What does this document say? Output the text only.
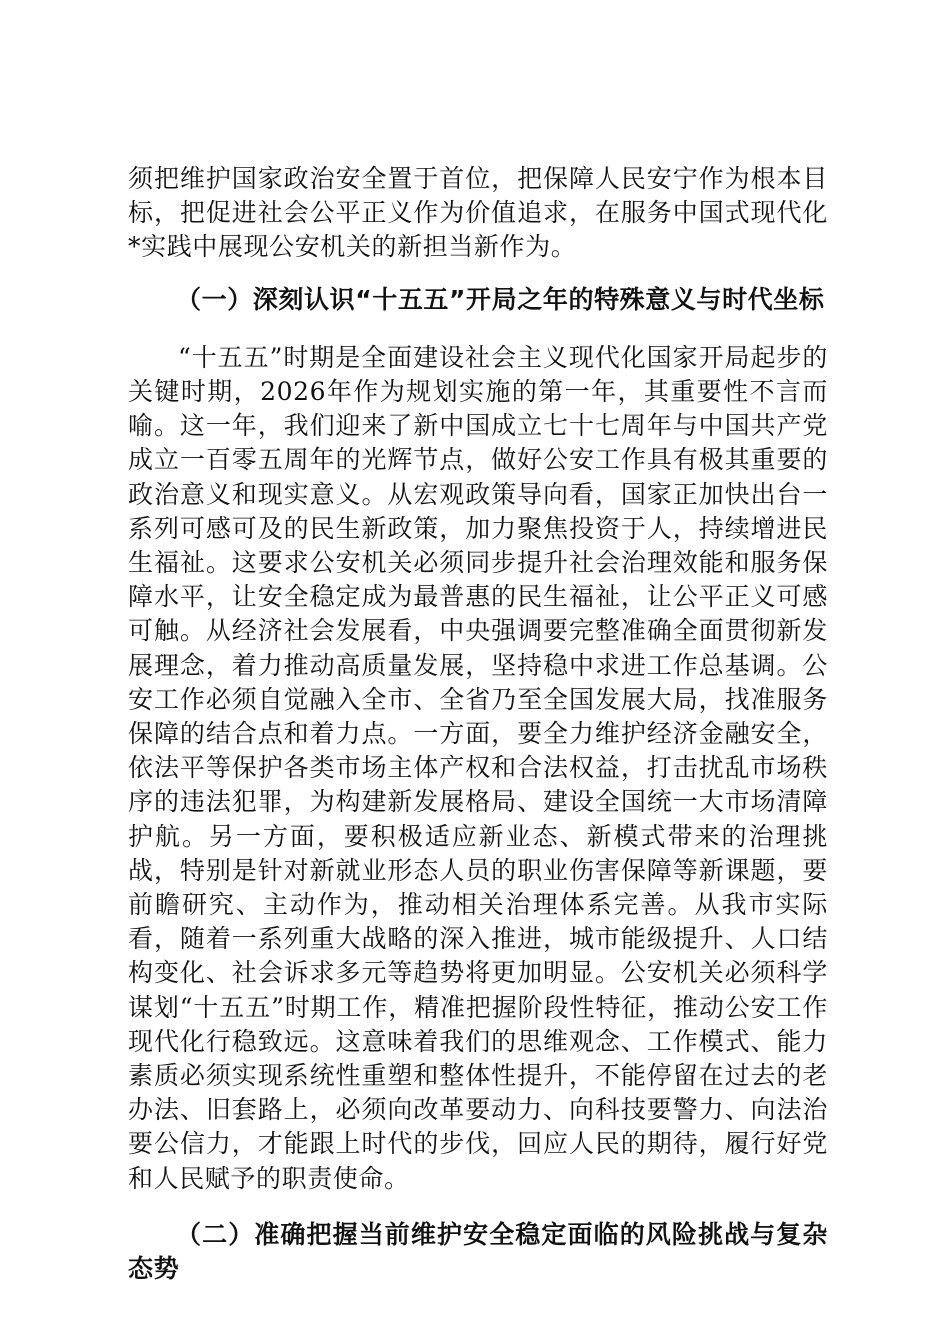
须把维护国家政治安全置于首位，把保障人民安宁作为根本目标，把促进社会公平正义作为价值追求，在服务中国式现代化*实践中展现公安机关的新担当新作为。

（一）深刻认识“十五五”开局之年的特殊意义与时代坐标

“十五五”时期是全面建设社会主义现代化国家开局起步的关键时期，2026年作为规划实施的第一年，其重要性不言而喻。这一年，我们迎来了新中国成立七十七周年与中国共产党成立一百零五周年的光辉节点，做好公安工作具有极其重要的政治意义和现实意义。从宏观政策导向看，国家正加快出台一系列可感可及的民生新政策，加力聚焦投资于人，持续增进民生福祉。这要求公安机关必须同步提升社会治理效能和服务保障水平，让安全稳定成为最普惠的民生福祉，让公平正义可感可触。从经济社会发展看，中央强调要完整准确全面贯彻新发展理念，着力推动高质量发展，坚持稳中求进工作总基调。公安工作必须自觉融入全市、全省乃至全国发展大局，找准服务保障的结合点和着力点。一方面，要全力维护经济金融安全，依法平等保护各类市场主体产权和合法权益，打击扰乱市场秩序的违法犯罪，为构建新发展格局、建设全国统一大市场清障护航。另一方面，要积极适应新业态、新模式带来的治理挑战，特别是针对新就业形态人员的职业伤害保障等新课题，要前瞻研究、主动作为，推动相关治理体系完善。从我市实际看，随着一系列重大战略的深入推进，城市能级提升、人口结构变化、社会诉求多元等趋势将更加明显。公安机关必须科学谋划“十五五”时期工作，精准把握阶段性特征，推动公安工作现代化行稳致远。这意味着我们的思维观念、工作模式、能力素质必须实现系统性重塑和整体性提升，不能停留在过去的老办法、旧套路上，必须向改革要动力、向科技要警力、向法治要公信力，才能跟上时代的步伐，回应人民的期待，履行好党和人民赋予的职责使命。

（二）准确把握当前维护安全稳定面临的风险挑战与复杂态势
